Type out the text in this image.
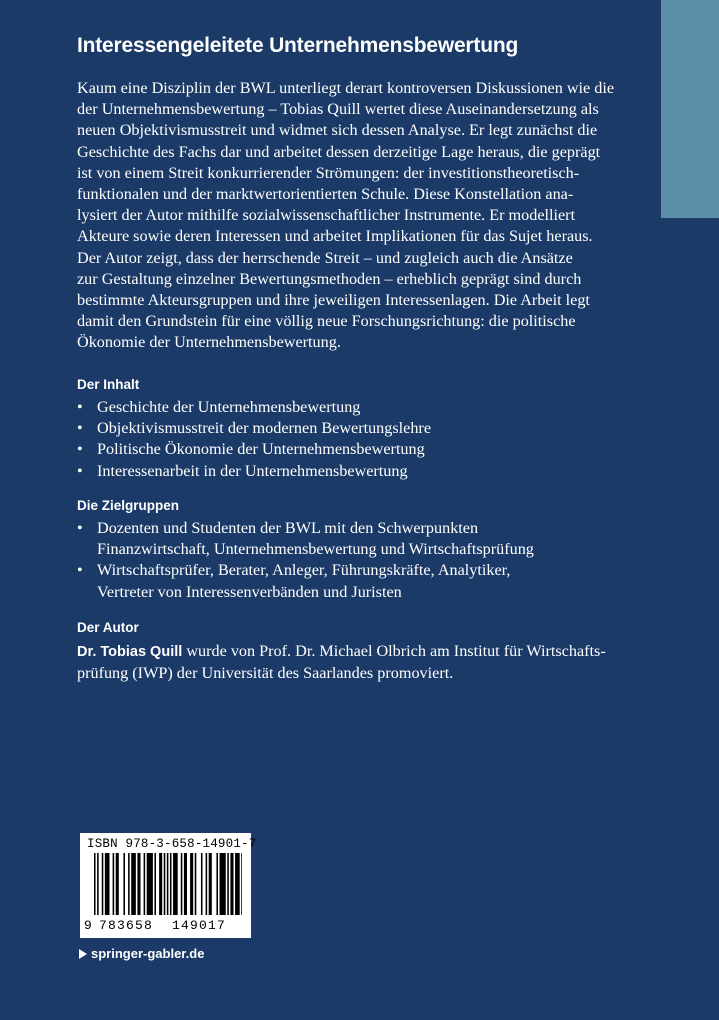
Interessengeleitete Unternehmensbewertung

Kaum eine Disziplin der BWL unterliegt derart kontroversen Diskussionen wie die
der Unternehmensbewertung – Tobias Quill wertet diese Auseinandersetzung als
neuen Objektivismusstreit und widmet sich dessen Analyse. Er legt zunächst die
Geschichte des Fachs dar und arbeitet dessen derzeitige Lage heraus, die geprägt
ist von einem Streit konkurrierender Strömungen: der investitionstheoretisch-
funktionalen und der marktwertorientierten Schule. Diese Konstellation ana-
lysiert der Autor mithilfe sozialwissenschaftlicher Instrumente. Er modelliert
Akteure sowie deren Interessen und arbeitet Implikationen für das Sujet heraus.
Der Autor zeigt, dass der herrschende Streit – und zugleich auch die Ansätze
zur Gestaltung einzelner Bewertungsmethoden – erheblich geprägt sind durch
bestimmte Akteursgruppen und ihre jeweiligen Interessenlagen. Die Arbeit legt
damit den Grundstein für eine völlig neue Forschungsrichtung: die politische
Ökonomie der Unternehmensbewertung.

Der Inhalt
• Geschichte der Unternehmensbewertung
• Objektivismusstreit der modernen Bewertungslehre
• Politische Ökonomie der Unternehmensbewertung
• Interessenarbeit in der Unternehmensbewertung
Die Zielgruppen
• Dozenten und Studenten der BWL mit den Schwerpunkten
Finanzwirtschaft, Unternehmensbewertung und Wirtschaftsprüfung
• Wirtschaftsprüfer, Berater, Anleger, Führungskräfte, Analytiker,
Vertreter von Interessenverbänden und Juristen
Der Autor

Dr. Tobias Quill wurde von Prof. Dr. Michael Olbrich am Institut für Wirtschafts-
prüfung (IWP) der Universität des Saarlandes promoviert.

ISBN 978-3-658-14901-7
9 783658 149017
springer-gabler.de
